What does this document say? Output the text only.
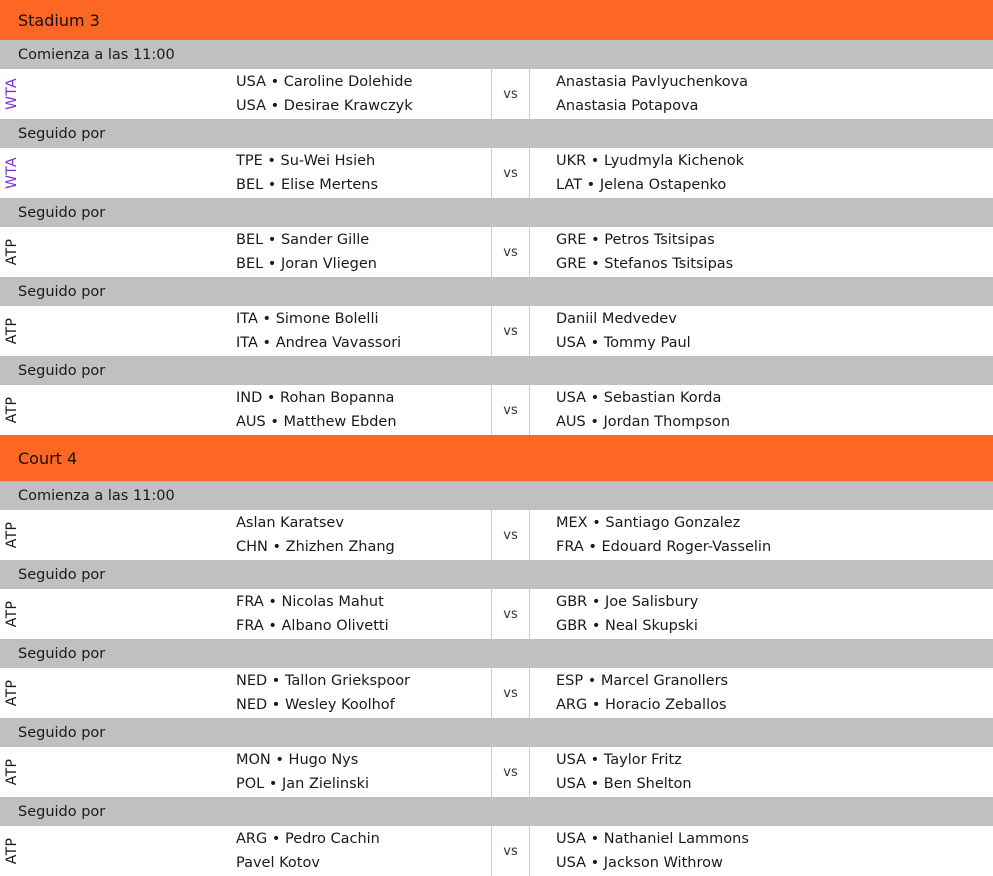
Stadium 3
Comienza a las 11:00
WTA	USA • Caroline Dolehide
USA • Desirae Krawczyk
vs
Anastasia Pavlyuchenkova
Anastasia Potapova
Seguido por
WTA	TPE • Su-Wei Hsieh
BEL • Elise Mertens
vs
UKR • Lyudmyla Kichenok
LAT • Jelena Ostapenko
Seguido por
ATP	BEL • Sander Gille
BEL • Joran Vliegen
vs
GRE • Petros Tsitsipas
GRE • Stefanos Tsitsipas
Seguido por
ATP	ITA • Simone Bolelli
ITA • Andrea Vavassori
vs
Daniil Medvedev
USA • Tommy Paul
Seguido por
ATP	IND • Rohan Bopanna
AUS • Matthew Ebden
vs
USA • Sebastian Korda
AUS • Jordan Thompson
Court 4
Comienza a las 11:00
ATP	Aslan Karatsev
CHN • Zhizhen Zhang
vs
MEX • Santiago Gonzalez
FRA • Edouard Roger-Vasselin
Seguido por
ATP	FRA • Nicolas Mahut
FRA • Albano Olivetti
vs
GBR • Joe Salisbury
GBR • Neal Skupski
Seguido por
ATP	NED • Tallon Griekspoor
NED • Wesley Koolhof
vs
ESP • Marcel Granollers
ARG • Horacio Zeballos
Seguido por
ATP	MON • Hugo Nys
POL • Jan Zielinski
vs
USA • Taylor Fritz
USA • Ben Shelton
Seguido por
ATP	ARG • Pedro Cachin
Pavel Kotov
vs
USA • Nathaniel Lammons
USA • Jackson Withrow
